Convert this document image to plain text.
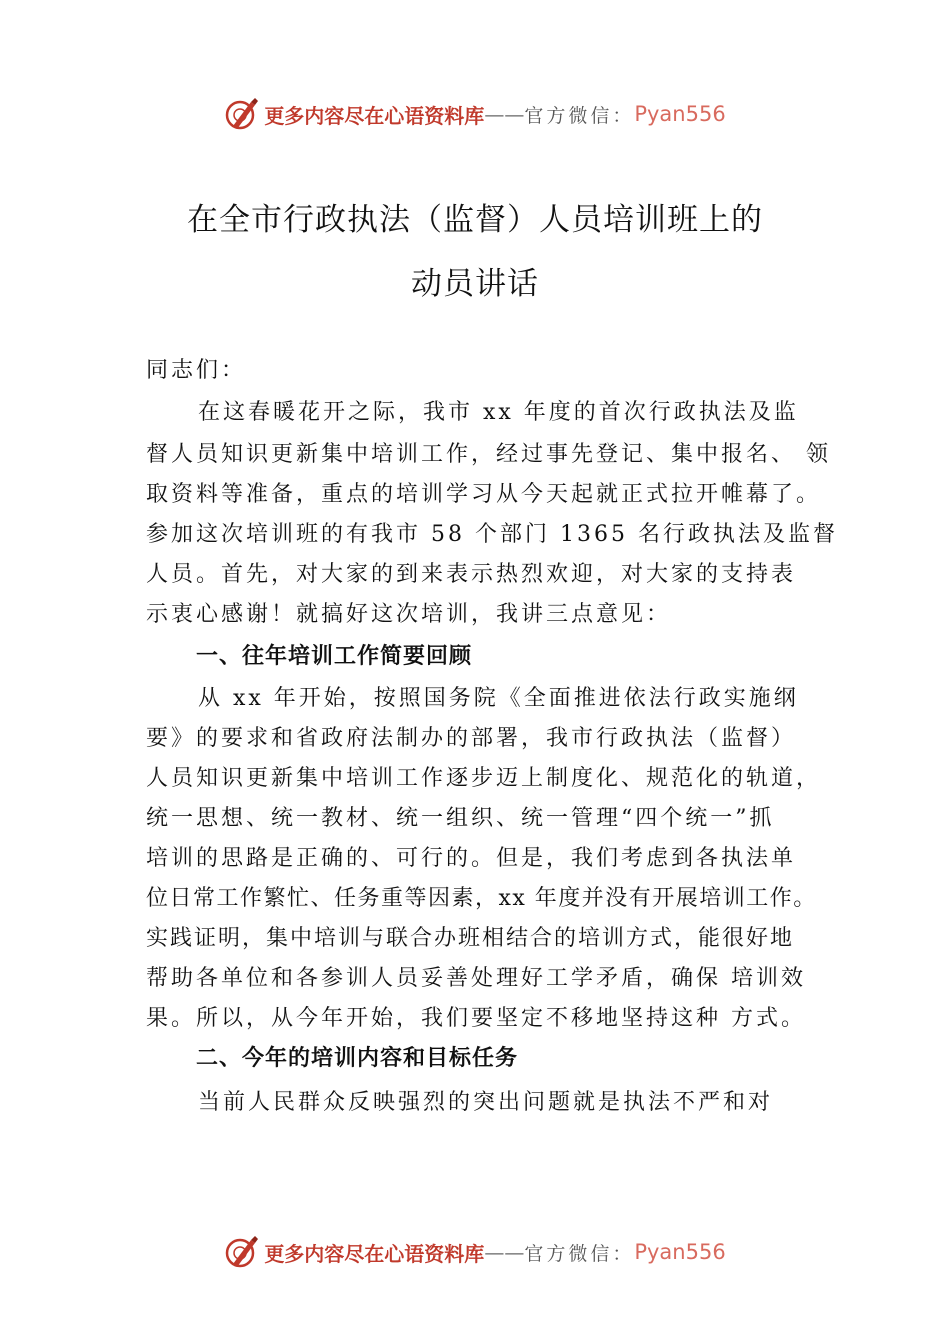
更多内容尽在心语资料库 —— 官方微信： Pyan556
在全市行政执法（监督）人员培训班上的
动员讲话
同志们：
在这春暖花开之际，我市 xx 年度的首次行政执法及监
督人员知识更新集中培训工作，经过事先登记、集中报名、 领
取资料等准备，重点的培训学习从今天起就正式拉开帷幕了。
参加这次培训班的有我市 58 个部门 1365 名行政执法及监督
人员。首先，对大家的到来表示热烈欢迎，对大家的支持表
示衷心感谢！就搞好这次培训，我讲三点意见：
一、往年培训工作简要回顾
从 xx 年开始，按照国务院《全面推进依法行政实施纲
要》的要求和省政府法制办的部署，我市行政执法（监督）
人员知识更新集中培训工作逐步迈上制度化、规范化的轨道，
统一思想、统一教材、统一组织、统一管理“四个统一”抓
培训的思路是正确的、可行的。但是，我们考虑到各执法单
位日常工作繁忙、任务重等因素，xx 年度并没有开展培训工作。
实践证明，集中培训与联合办班相结合的培训方式，能很好地
帮助各单位和各参训人员妥善处理好工学矛盾，确保 培训效
果。所以，从今年开始，我们要坚定不移地坚持这种 方式。
二、今年的培训内容和目标任务
当前人民群众反映强烈的突出问题就是执法不严和对
更多内容尽在心语资料库 —— 官方微信： Pyan556
